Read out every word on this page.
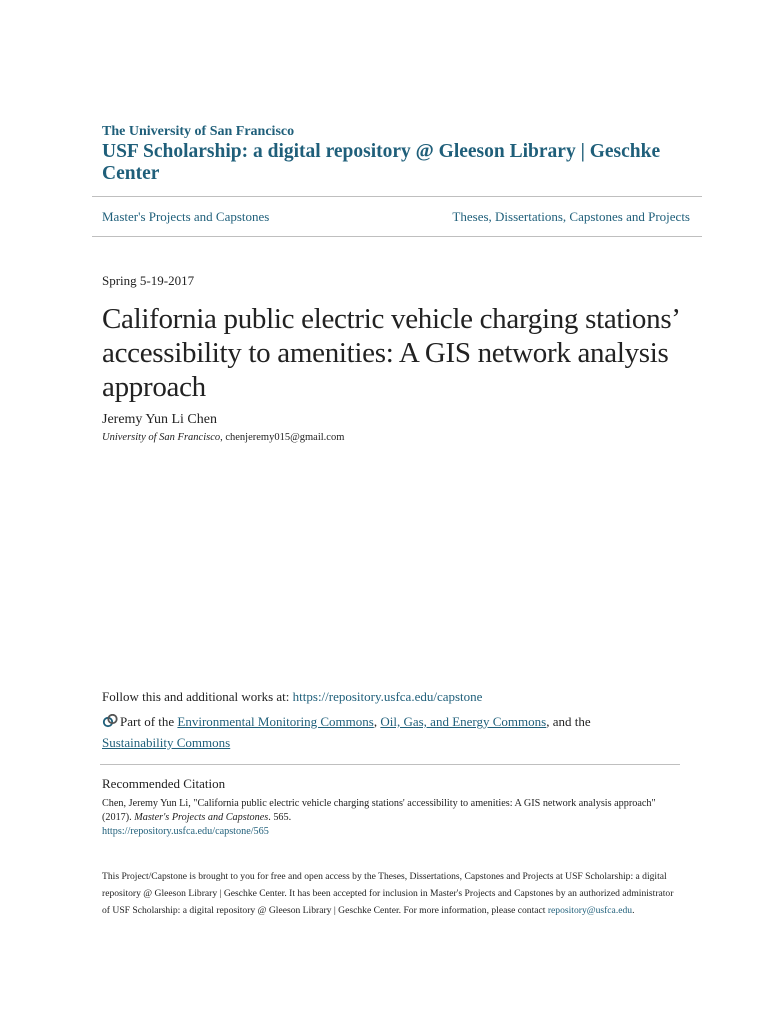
The University of San Francisco
USF Scholarship: a digital repository @ Gleeson Library | Geschke Center
Master's Projects and Capstones	Theses, Dissertations, Capstones and Projects
Spring 5-19-2017
California public electric vehicle charging stations’ accessibility to amenities: A GIS network analysis approach
Jeremy Yun Li Chen
University of San Francisco, chenjeremy015@gmail.com
Follow this and additional works at: https://repository.usfca.edu/capstone
Part of the Environmental Monitoring Commons, Oil, Gas, and Energy Commons, and the
Sustainability Commons
Recommended Citation
Chen, Jeremy Yun Li, "California public electric vehicle charging stations' accessibility to amenities: A GIS network analysis approach" (2017). Master's Projects and Capstones. 565.
https://repository.usfca.edu/capstone/565
This Project/Capstone is brought to you for free and open access by the Theses, Dissertations, Capstones and Projects at USF Scholarship: a digital repository @ Gleeson Library | Geschke Center. It has been accepted for inclusion in Master's Projects and Capstones by an authorized administrator of USF Scholarship: a digital repository @ Gleeson Library | Geschke Center. For more information, please contact repository@usfca.edu.
